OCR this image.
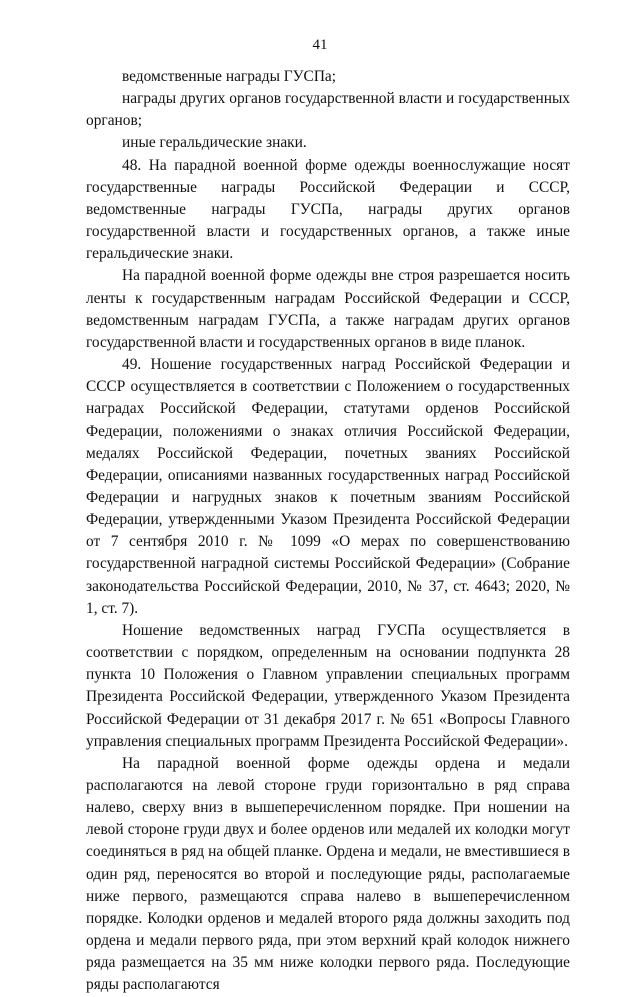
41

ведомственные награды ГУСПа;

награды других органов государственной власти и государственных органов;

иные геральдические знаки.

48. На парадной военной форме одежды военнослужащие носят государственные награды Российской Федерации и СССР, ведомственные награды ГУСПа, награды других органов государственной власти и государственных органов, а также иные геральдические знаки.

На парадной военной форме одежды вне строя разрешается носить ленты к государственным наградам Российской Федерации и СССР, ведомственным наградам ГУСПа, а также наградам других органов государственной власти и государственных органов в виде планок.

49. Ношение государственных наград Российской Федерации и СССР осуществляется в соответствии с Положением о государственных наградах Российской Федерации, статутами орденов Российской Федерации, положениями о знаках отличия Российской Федерации, медалях Российской Федерации, почетных званиях Российской Федерации, описаниями названных государственных наград Российской Федерации и нагрудных знаков к почетным званиям Российской Федерации, утвержденными Указом Президента Российской Федерации от 7 сентября 2010 г. № 1099 «О мерах по совершенствованию государственной наградной системы Российской Федерации» (Собрание законодательства Российской Федерации, 2010, № 37, ст. 4643; 2020, № 1, ст. 7).

Ношение ведомственных наград ГУСПа осуществляется в соответствии с порядком, определенным на основании подпункта 28 пункта 10 Положения о Главном управлении специальных программ Президента Российской Федерации, утвержденного Указом Президента Российской Федерации от 31 декабря 2017 г. № 651 «Вопросы Главного управления специальных программ Президента Российской Федерации».

На парадной военной форме одежды ордена и медали располагаются на левой стороне груди горизонтально в ряд справа налево, сверху вниз в вышеперечисленном порядке. При ношении на левой стороне груди двух и более орденов или медалей их колодки могут соединяться в ряд на общей планке. Ордена и медали, не вместившиеся в один ряд, переносятся во второй и последующие ряды, располагаемые ниже первого, размещаются справа налево в вышеперечисленном порядке. Колодки орденов и медалей второго ряда должны заходить под ордена и медали первого ряда, при этом верхний край колодок нижнего ряда размещается на 35 мм ниже колодки первого ряда. Последующие ряды располагаются
